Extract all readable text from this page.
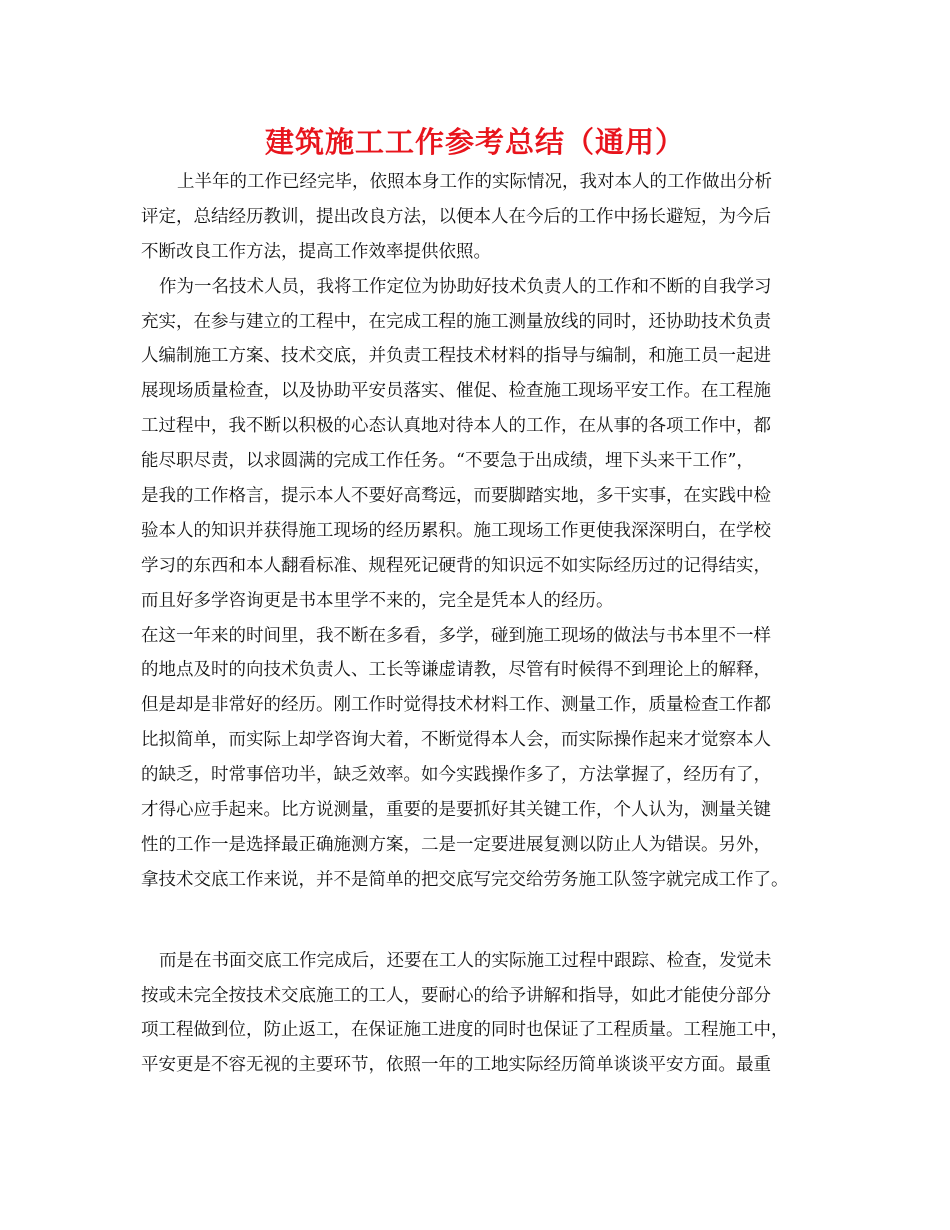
建筑施工工作参考总结（通用）
上半年的工作已经完毕，依照本身工作的实际情况，我对本人的工作做出分析
评定，总结经历教训，提出改良方法，以便本人在今后的工作中扬长避短，为今后
不断改良工作方法，提高工作效率提供依照。
作为一名技术人员，我将工作定位为协助好技术负责人的工作和不断的自我学习
充实，在参与建立的工程中，在完成工程的施工测量放线的同时，还协助技术负责
人编制施工方案、技术交底，并负责工程技术材料的指导与编制，和施工员一起进
展现场质量检查，以及协助平安员落实、催促、检查施工现场平安工作。在工程施
工过程中，我不断以积极的心态认真地对待本人的工作，在从事的各项工作中，都
能尽职尽责，以求圆满的完成工作任务。“不要急于出成绩，埋下头来干工作”，
是我的工作格言，提示本人不要好高骛远，而要脚踏实地，多干实事，在实践中检
验本人的知识并获得施工现场的经历累积。施工现场工作更使我深深明白，在学校
学习的东西和本人翻看标准、规程死记硬背的知识远不如实际经历过的记得结实，
而且好多学咨询更是书本里学不来的，完全是凭本人的经历。
在这一年来的时间里，我不断在多看，多学，碰到施工现场的做法与书本里不一样
的地点及时的向技术负责人、工长等谦虚请教，尽管有时候得不到理论上的解释，
但是却是非常好的经历。刚工作时觉得技术材料工作、测量工作，质量检查工作都
比拟简单，而实际上却学咨询大着，不断觉得本人会，而实际操作起来才觉察本人
的缺乏，时常事倍功半，缺乏效率。如今实践操作多了，方法掌握了，经历有了，
才得心应手起来。比方说测量，重要的是要抓好其关键工作，个人认为，测量关键
性的工作一是选择最正确施测方案，二是一定要进展复测以防止人为错误。另外，
拿技术交底工作来说，并不是简单的把交底写完交给劳务施工队签字就完成工作了。
而是在书面交底工作完成后，还要在工人的实际施工过程中跟踪、检查，发觉未
按或未完全按技术交底施工的工人，要耐心的给予讲解和指导，如此才能使分部分
项工程做到位，防止返工，在保证施工进度的同时也保证了工程质量。工程施工中，
平安更是不容无视的主要环节，依照一年的工地实际经历简单谈谈平安方面。最重
